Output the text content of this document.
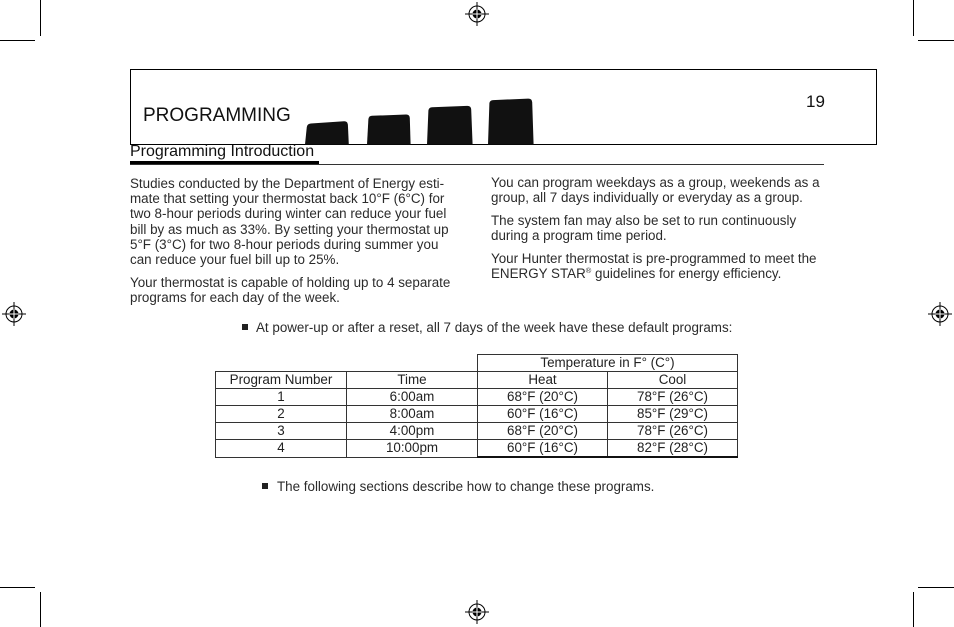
PROGRAMMING
19
Programming Introduction
Studies conducted by the Department of Energy esti-
mate that setting your thermostat back 10°F (6°C) for
two 8-hour periods during winter can reduce your fuel
bill by as much as 33%. By setting your thermostat up
5°F (3°C) for two 8-hour periods during summer you
can reduce your fuel bill up to 25%.
Your thermostat is capable of holding up to 4 separate
programs for each day of the week.
You can program weekdays as a group, weekends as a
group, all 7 days individually or everyday as a group.
The system fan may also be set to run continuously
during a program time period.
Your Hunter thermostat is pre-programmed to meet the
ENERGY STAR® guidelines for energy efficiency.
At power-up or after a reset, all 7 days of the week have these default programs:
		Temperature in F° (C°)	
Program Number	Time	Heat	Cool
1	6:00am	68°F (20°C)	78°F (26°C)
2	8:00am	60°F (16°C)	85°F (29°C)
3	4:00pm	68°F (20°C)	78°F (26°C)
4	10:00pm	60°F (16°C)	82°F (28°C)
The following sections describe how to change these programs.
